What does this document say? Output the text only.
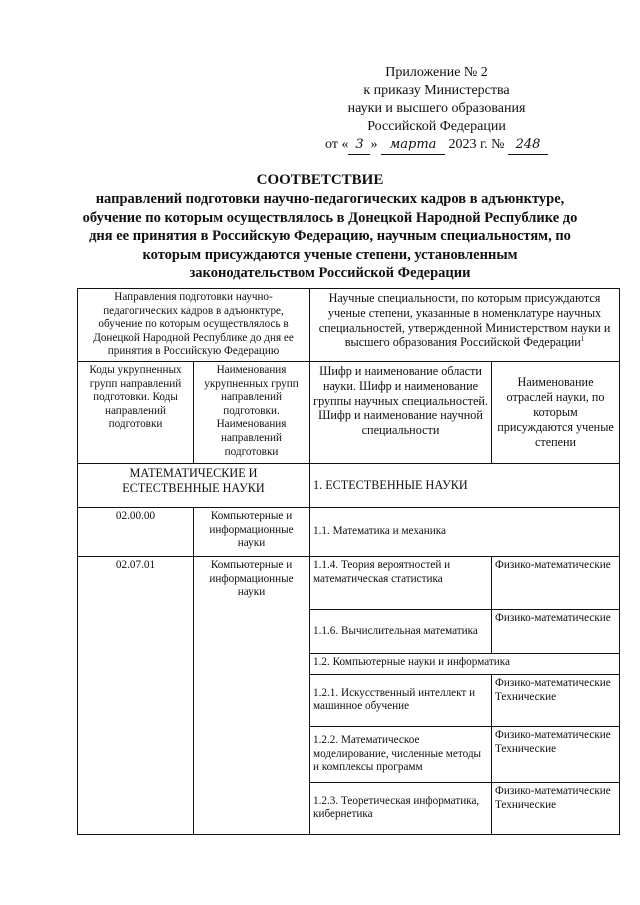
Приложение № 2
к приказу Министерства
науки и высшего образования
Российской Федерации
от « 3 » марта 2023 г. № 248
СООТВЕТСТВИЕ
направлений подготовки научно-педагогических кадров в адъюнктуре, обучение по которым осуществлялось в Донецкой Народной Республике до дня ее принятия в Российскую Федерацию, научным специальностям, по которым присуждаются ученые степени, установленным законодательством Российской Федерации
Направления подготовки научно-педагогических кадров в адъюнктуре, обучение по которым осуществлялось в Донецкой Народной Республике до дня ее принятия в Российскую Федерацию		Научные специальности, по которым присуждаются ученые степени, указанные в номенклатуре научных специальностей, утвержденной Министерством науки и высшего образования Российской Федерации$^1$
Коды укрупненных групп направлений подготовки. Коды направлений подготовки	Наименования укрупненных групп направлений подготовки. Наименования направлений подготовки	Шифр и наименование области науки. Шифр и наименование группы научных специальностей. Шифр и наименование научной специальности	Наименование отраслей науки, по которым присуждаются ученые степени
МАТЕМАТИЧЕСКИЕ И ЕСТЕСТВЕННЫЕ НАУКИ		1. ЕСТЕСТВЕННЫЕ НАУКИ	
02.00.00	Компьютерные и информационные науки	1.1. Математика и механика	
02.07.01	Компьютерные и информационные науки	1.1.4. Теория вероятностей и математическая статистика	Физико-математические
		1.1.6. Вычислительная математика	Физико-математические
		1.2. Компьютерные науки и информатика	
		1.2.1. Искусственный интеллект и машинное обучение	Физико-математические Технические
		1.2.2. Математическое моделирование, численные методы и комплексы программ	Физико-математические Технические
		1.2.3. Теоретическая информатика, кибернетика	Физико-математические Технические
